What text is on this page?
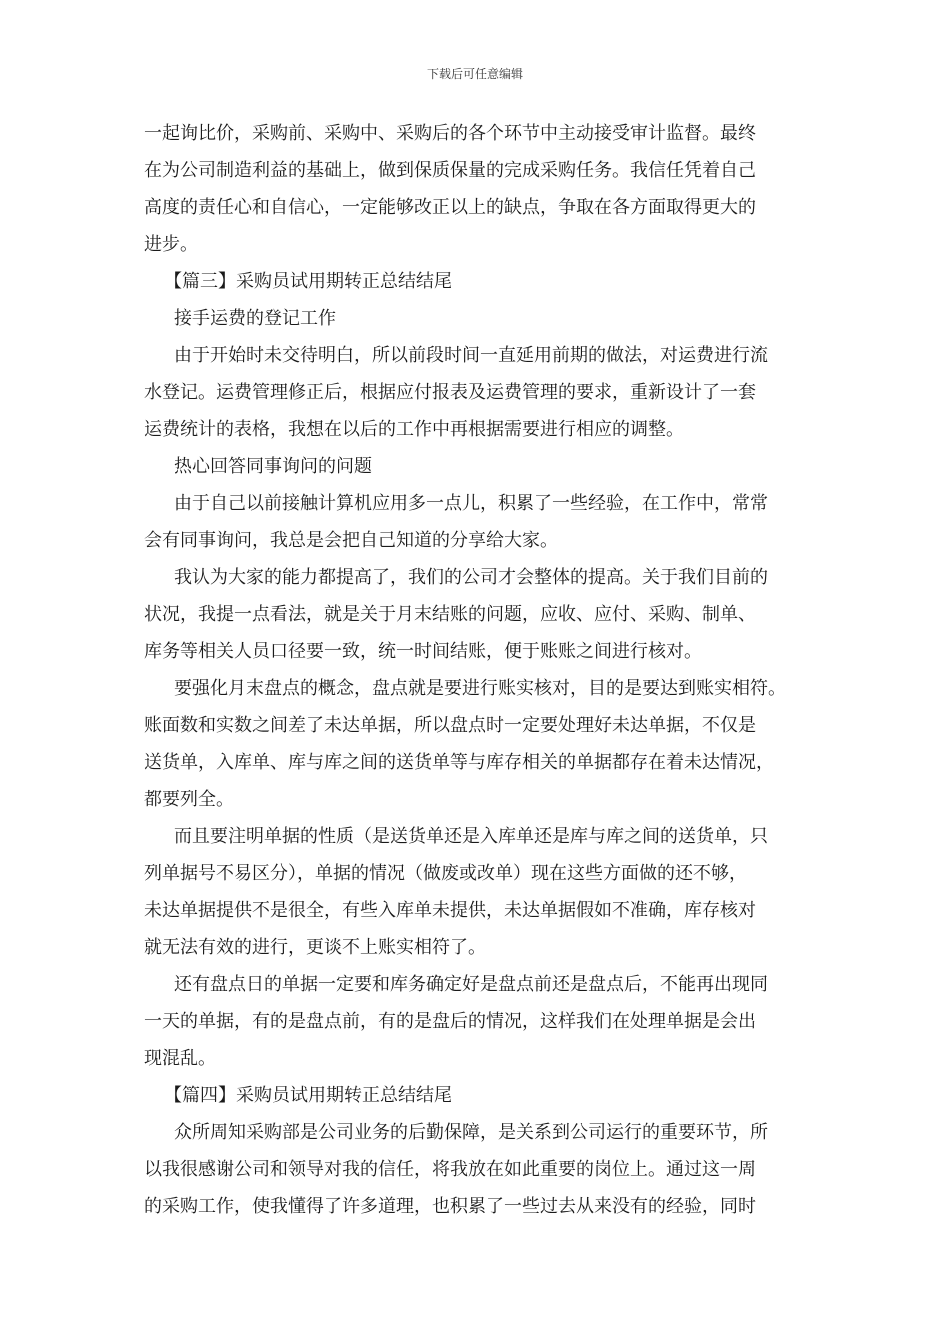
下载后可任意编辑
一起询比价，采购前、采购中、采购后的各个环节中主动接受审计监督。最终
在为公司制造利益的基础上，做到保质保量的完成采购任务。我信任凭着自己
高度的责任心和自信心，一定能够改正以上的缺点，争取在各方面取得更大的
进步。
【篇三】采购员试用期转正总结结尾
接手运费的登记工作
由于开始时未交待明白，所以前段时间一直延用前期的做法，对运费进行流
水登记。运费管理修正后，根据应付报表及运费管理的要求，重新设计了一套
运费统计的表格，我想在以后的工作中再根据需要进行相应的调整。
热心回答同事询问的问题
由于自己以前接触计算机应用多一点儿，积累了一些经验，在工作中，常常
会有同事询问，我总是会把自己知道的分享给大家。
我认为大家的能力都提高了，我们的公司才会整体的提高。关于我们目前的
状况，我提一点看法，就是关于月末结账的问题，应收、应付、采购、制单、
库务等相关人员口径要一致，统一时间结账，便于账账之间进行核对。
要强化月末盘点的概念，盘点就是要进行账实核对，目的是要达到账实相符。
账面数和实数之间差了未达单据，所以盘点时一定要处理好未达单据，不仅是
送货单，入库单、库与库之间的送货单等与库存相关的单据都存在着未达情况，
都要列全。
而且要注明单据的性质（是送货单还是入库单还是库与库之间的送货单，只
列单据号不易区分），单据的情况（做废或改单）现在这些方面做的还不够，
未达单据提供不是很全，有些入库单未提供，未达单据假如不准确，库存核对
就无法有效的进行，更谈不上账实相符了。
还有盘点日的单据一定要和库务确定好是盘点前还是盘点后，不能再出现同
一天的单据，有的是盘点前，有的是盘后的情况，这样我们在处理单据是会出
现混乱。
【篇四】采购员试用期转正总结结尾
众所周知采购部是公司业务的后勤保障，是关系到公司运行的重要环节，所
以我很感谢公司和领导对我的信任，将我放在如此重要的岗位上。通过这一周
的采购工作，使我懂得了许多道理，也积累了一些过去从来没有的经验，同时
